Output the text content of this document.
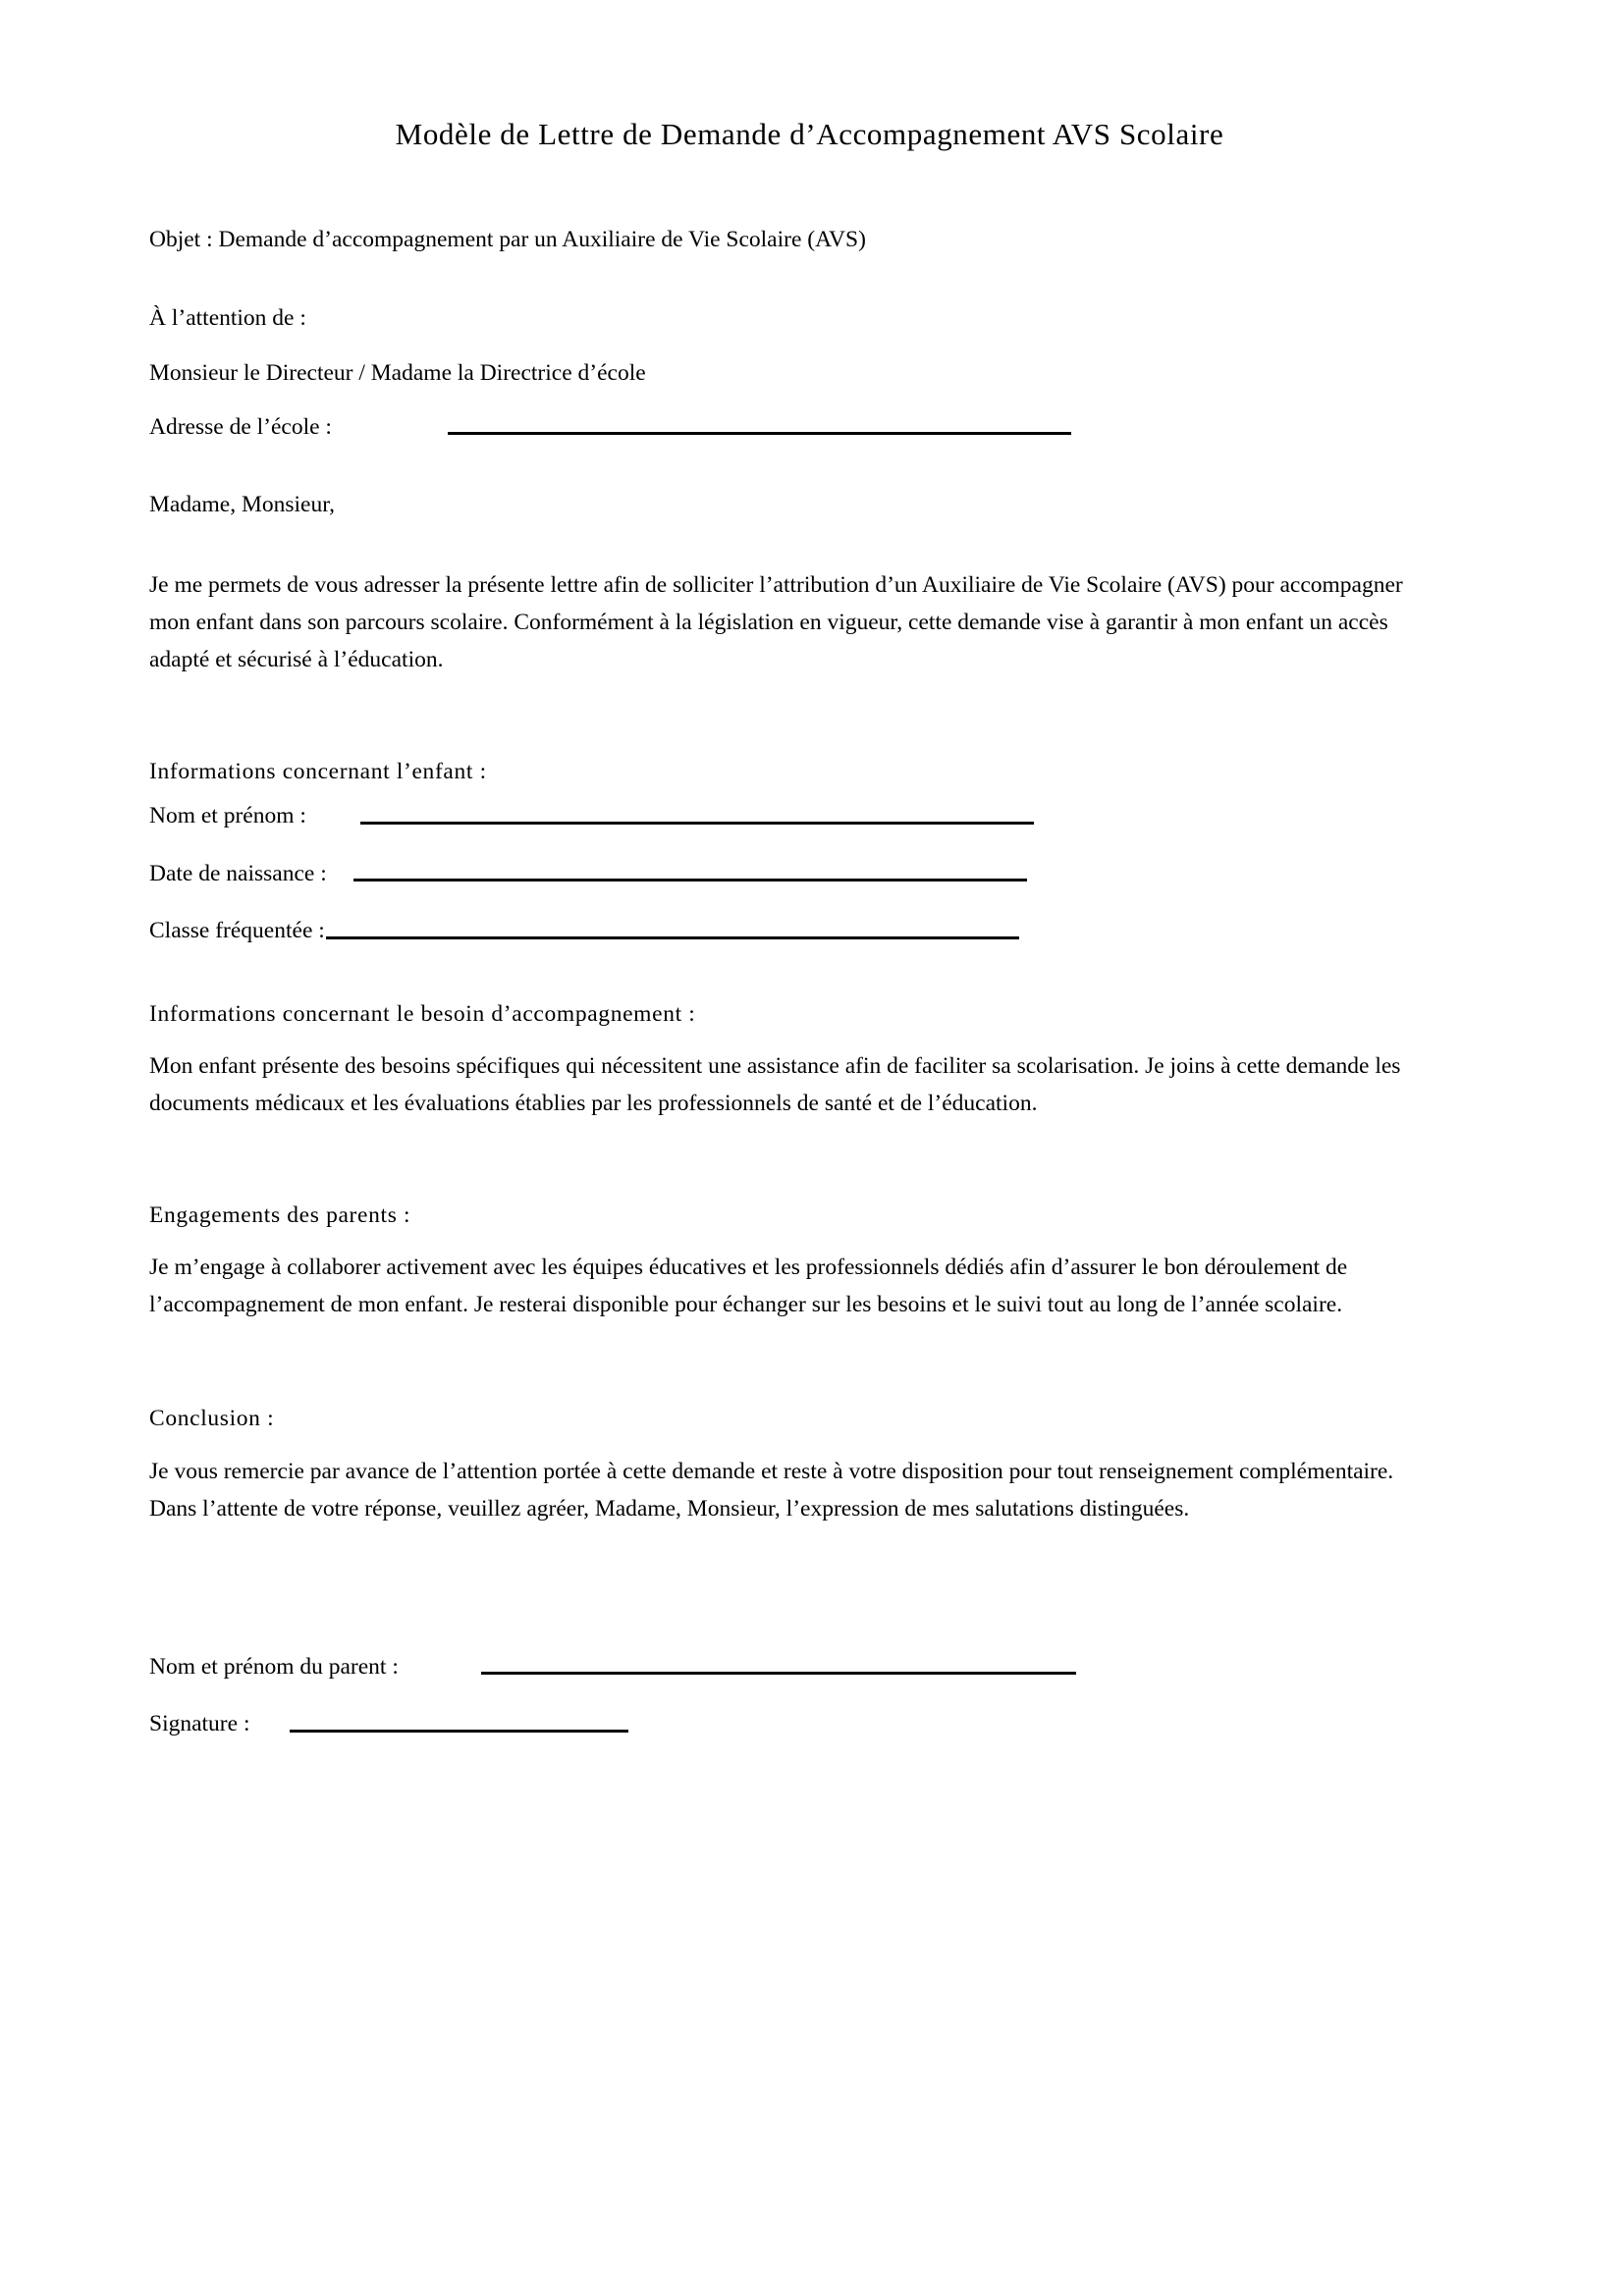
Modèle de Lettre de Demande d’Accompagnement AVS Scolaire

Objet : Demande d’accompagnement par un Auxiliaire de Vie Scolaire (AVS)

À l’attention de :

Monsieur le Directeur / Madame la Directrice d’école

Adresse de l’école :

Madame, Monsieur,

Je me permets de vous adresser la présente lettre afin de solliciter l’attribution d’un Auxiliaire de Vie Scolaire (AVS) pour accompagner mon enfant dans son parcours scolaire. Conformément à la législation en vigueur, cette demande vise à garantir à mon enfant un accès adapté et sécurisé à l’éducation.

Informations concernant l’enfant :

Nom et prénom :
Date de naissance :
Classe fréquentée :

Informations concernant le besoin d’accompagnement :

Mon enfant présente des besoins spécifiques qui nécessitent une assistance afin de faciliter sa scolarisation. Je joins à cette demande les documents médicaux et les évaluations établies par les professionnels de santé et de l’éducation.

Engagements des parents :

Je m’engage à collaborer activement avec les équipes éducatives et les professionnels dédiés afin d’assurer le bon déroulement de l’accompagnement de mon enfant. Je resterai disponible pour échanger sur les besoins et le suivi tout au long de l’année scolaire.

Conclusion :

Je vous remercie par avance de l’attention portée à cette demande et reste à votre disposition pour tout renseignement complémentaire. Dans l’attente de votre réponse, veuillez agréer, Madame, Monsieur, l’expression de mes salutations distinguées.

Nom et prénom du parent :
Signature :
